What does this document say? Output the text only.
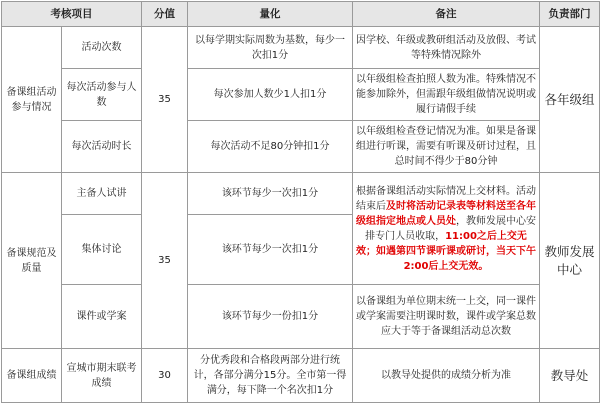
考核项目		分值	量化	备注	负责部门
备课组活动参与情况	活动次数	35	以每学期实际周数为基数，每少一次扣1分	因学校、年级或教研组活动及放假、考试等特殊情况除外	各年级组
	每次活动参与人数		每次参加人数少1人扣1分	以年级组检查拍照人数为准。特殊情况不能参加除外，但需跟年级组做情况说明或履行请假手续	
	每次活动时长		每次活动不足80分钟扣1分	以年级组检查登记情况为准。如果是备课组进行听课，需要有听课及研讨过程，且总时间不得少于80分钟	
备课规范及质量	主备人试讲	35	该环节每少一次扣1分	根据备课组活动实际情况上交材料。活动结束后及时将活动记录表等材料送至各年级组指定地点或人员处，教师发展中心安排专门人员收取，11:00之后上交无效；如遇第四节课听课或研讨，当天下午2:00后上交无效。	教师发展中心
	集体讨论		该环节每少一次扣1分		
	课件或学案		该环节每少一份扣1分	以备课组为单位期末统一上交，同一课件或学案需要注明课时数，课件或学案总数应大于等于备课组活动总次数	
备课组成绩	宣城市期末联考成绩	30	分优秀段和合格段两部分进行统计，各部分满分15分。全市第一得满分，每下降一个名次扣1分	以教导处提供的成绩分析为准	教导处
